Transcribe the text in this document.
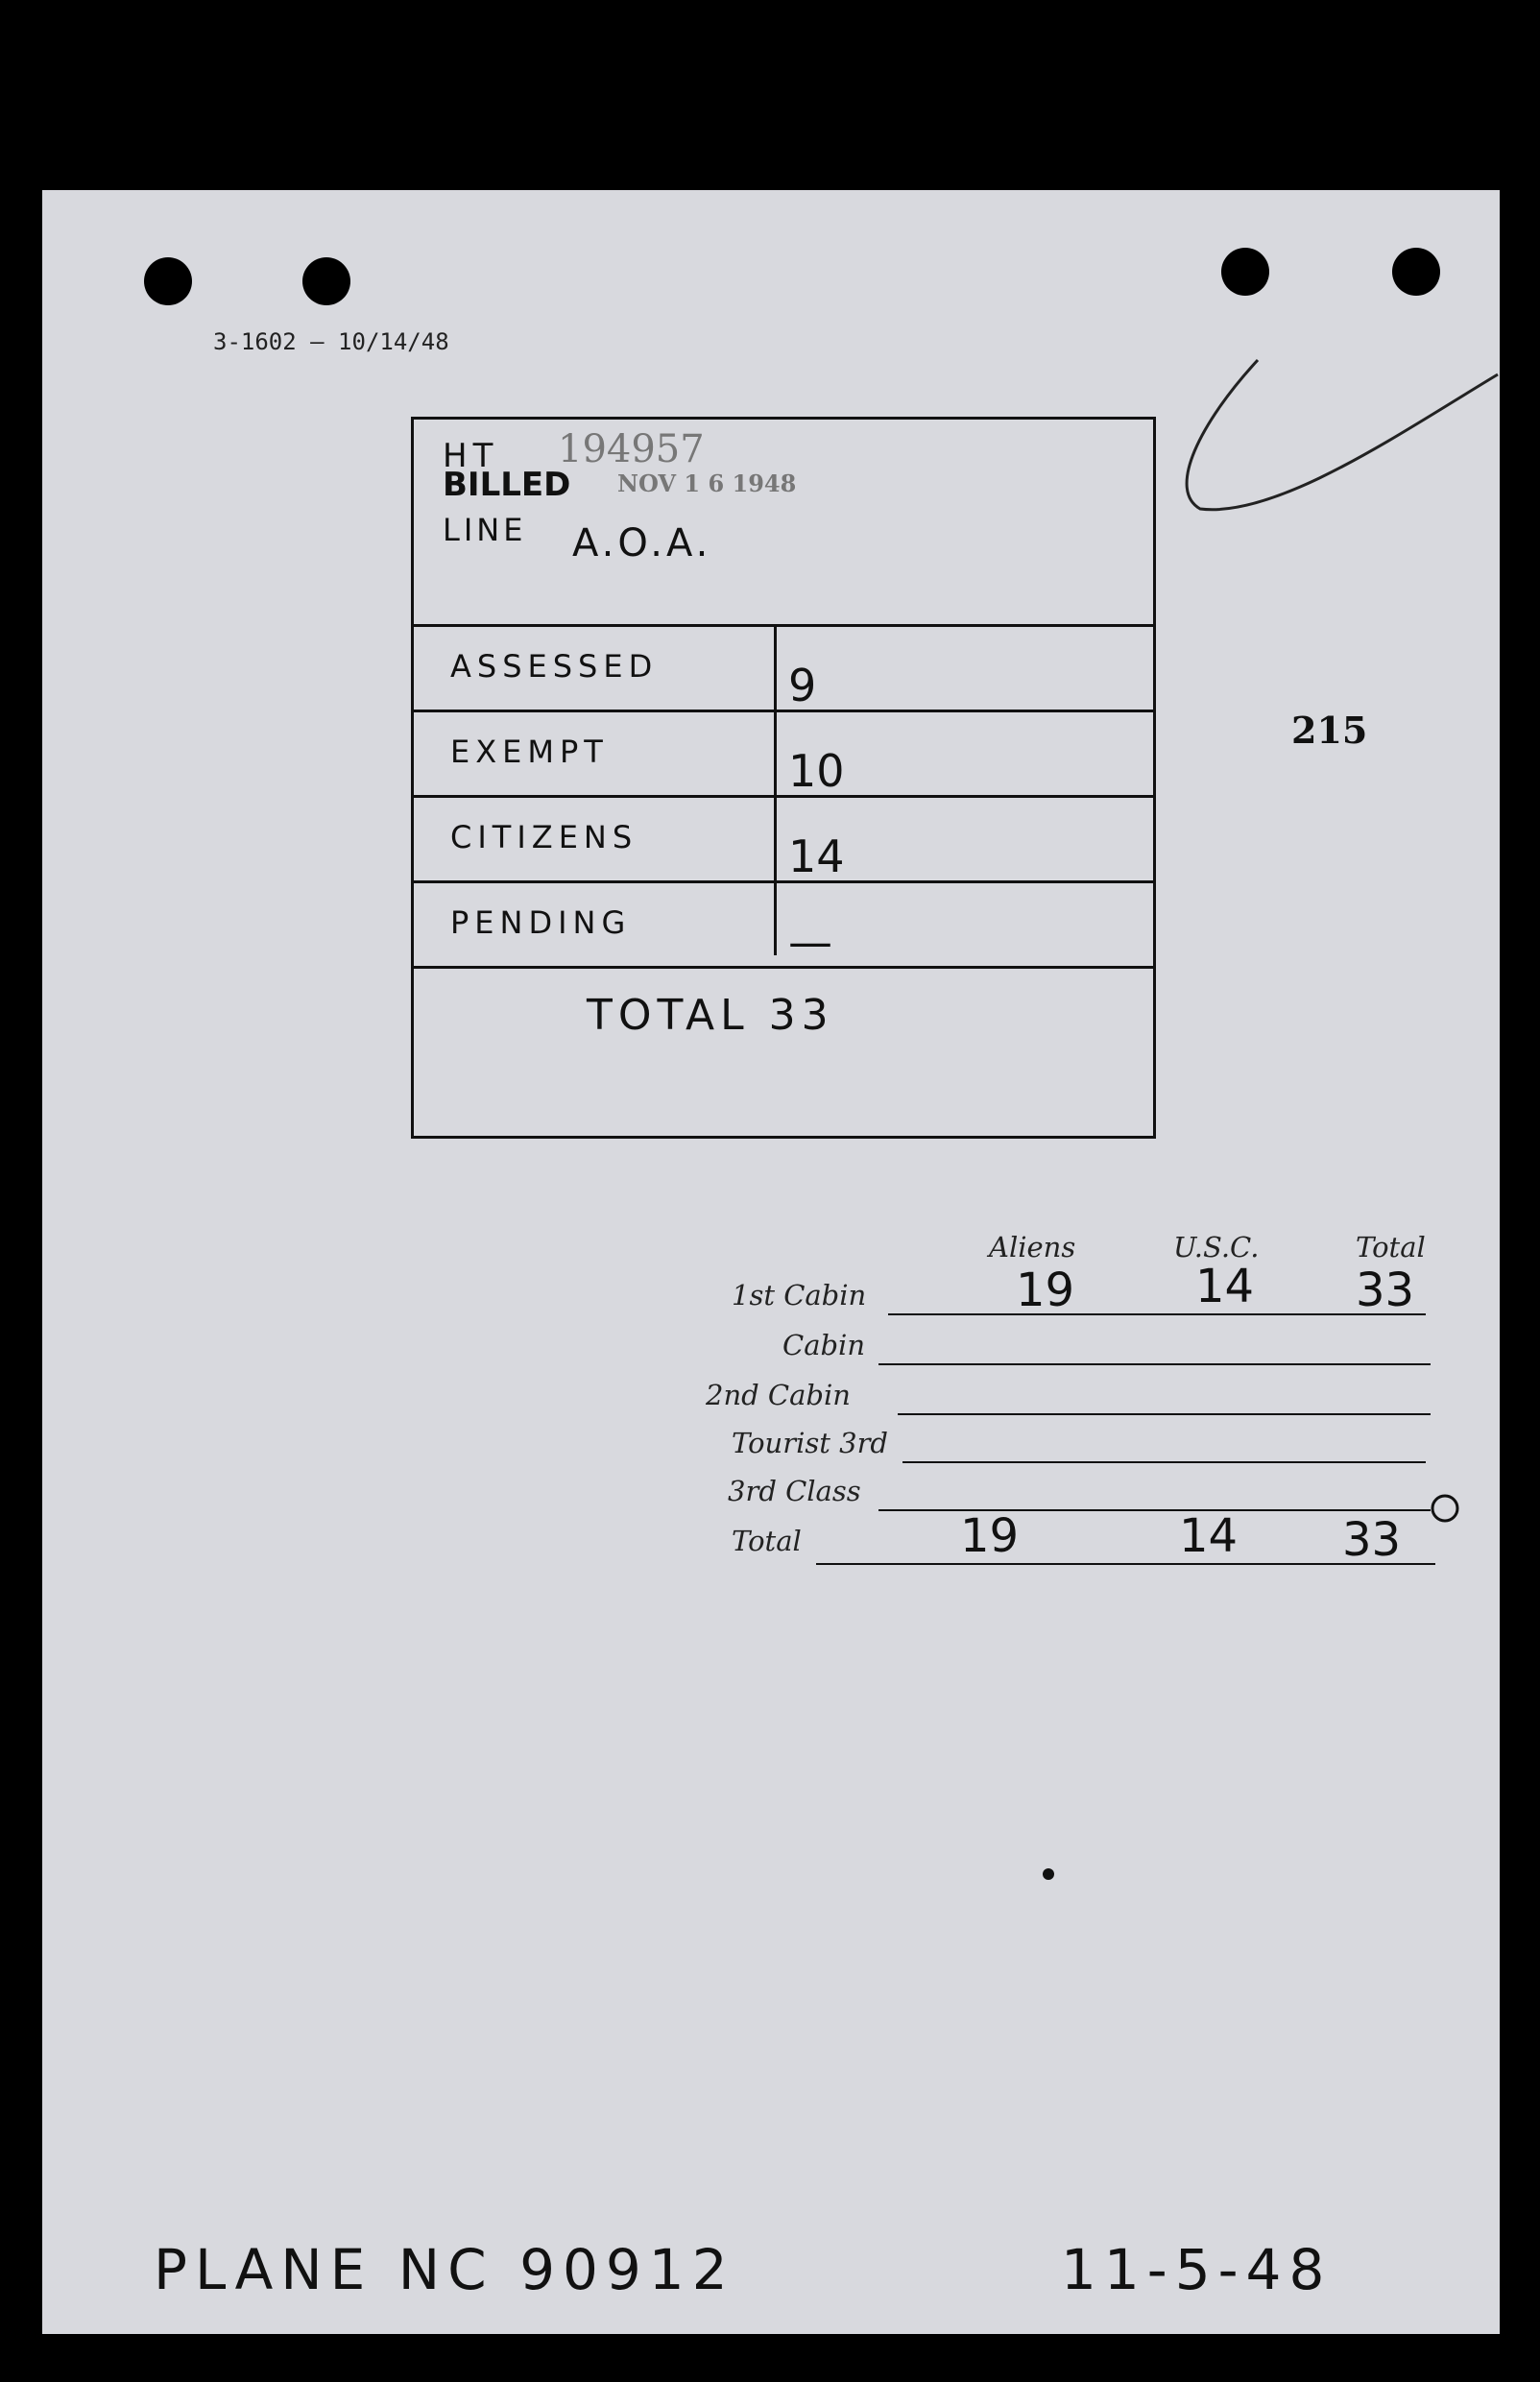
3-1602 — 10/14/48
215
HT 194957
BILLED NOV 1 6 1948
LINE A.O.A.
ASSESSED	9
EXEMPT	10
CITIZENS	14
PENDING	—
TOTAL 33
Aliens	U.S.C.	Total
1st Cabin	19	14 33
Cabin
2nd Cabin
Tourist 3rd
3rd Class
Total	19	14 33
PLANE NC 90912	11-5-48
